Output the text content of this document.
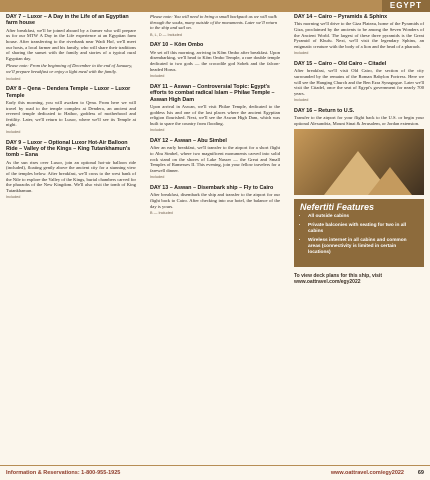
EGYPT
DAY 7 – Luxor – A Day in the Life of an Egyptian farm house

After breakfast, we'll be joined aboard by a farmer who will prepare us for our MTW A Day in the Life experience at an Egyptian farm house. After transferring to the riverbank near Wadi Hof, we'll meet our hosts, a local farmer and his family, who will share their traditions of sharing the sunset with the family and stories of a typical rural Egyptian day.

Please note: From the beginning of December to the end of January, we'll prepare breakfast or enjoy a light meal with the family.

Included
DAY 8 – Qena – Dendera Temple – Luxor – Luxor Temple

Early this morning, you will awaken to Qena. From here we will travel by road to the temple complex at Dendera, an ancient and revered temple dedicated to Hathor, goddess of motherhood and fertility. Later, we'll return to Luxor, where we'll see its Temple at night.

Included
DAY 9 – Luxor – Optional Luxor Hot-Air Balloon Ride – Valley of the Kings – King Tutankhamun's tomb – Esna

As the sun rises over Luxor, join an optional hot-air balloon ride (included), floating gently above the ancient city for a stunning view of the temples below. After breakfast, we'll cross to the west bank of the Nile to explore the Valley of the Kings, burial chambers carved for the pharaohs of the New Kingdom. We'll also visit the tomb of King Tutankhamun.

Included

Please note: You will need to bring a small backpack as we will walk through the souks, many outside of the monuments. Later we'll return to the ship and sail on.

B, L, D — Included
DAY 10 – Kôm Ombo

We set off this morning, arriving in Kôm Ombo after breakfast. Upon disembarking, we'll head to Kôm Ombo Temple, a rare double temple dedicated to two gods — the crocodile god Sobek and the falcon-headed Horus.

Included
DAY 11 – Aswan – Controversial Topic: Egypt's efforts to combat radical Islam – Philae Temple – Aswan High Dam

Upon arrival in Aswan, we'll visit Philae Temple, dedicated to the goddess Isis and one of the last places where the ancient Egyptian religion flourished. Next, we'll see the Aswan High Dam, which was built to spare the country from flooding.

Included
DAY 12 – Aswan – Abu Simbel

After an early breakfast, we'll transfer to the airport for a short flight to Abu Simbel, where two magnificent monuments carved into solid rock stand on the shores of Lake Nasser — the Great and Small Temples of Ramesses II. This evening, join your fellow travelers for a farewell dinner.

Included
DAY 13 – Aswan – Disembark ship – Fly to Cairo

After breakfast, disembark the ship and transfer to the airport for our flight back to Cairo. After checking into our hotel, the balance of the day is yours.

B — Included
DAY 14 – Cairo – Pyramids & Sphinx

This morning we'll drive to the Giza Plateau, home of the Pyramids of Giza, proclaimed by the ancients to be among the Seven Wonders of the Ancient World. The largest of these three pyramids is the Great Pyramid of Khufu. Next, we'll visit the legendary Sphinx, an enigmatic creature with the body of a lion and the head of a pharaoh.

Included
DAY 15 – Cairo – Old Cairo – Citadel

After breakfast, we'll visit Old Cairo, the section of the city surrounded by the remains of the Roman Babylon Fortress. Here we will see the Hanging Church and the Ben Ezra Synagogue. Later we'll visit the Citadel, once the seat of Egypt's government for nearly 700 years.

Included
DAY 16 – Return to U.S.

Transfer to the airport for your flight back to the U.S. or begin your optional Alexandria, Mount Sinai & Jerusalem, or Jordan extension.

Nefertiti Features
• All outside cabins
• Private balconies with seating for two in all cabins
• Wireless internet in all cabins and common areas (connectivity is limited in certain locations)
To view deck plans for this ship, visit www.oattravel.com/egy2022
Information & Reservations: 1-800-955-1925	www.oattravel.com/egy2022	69
